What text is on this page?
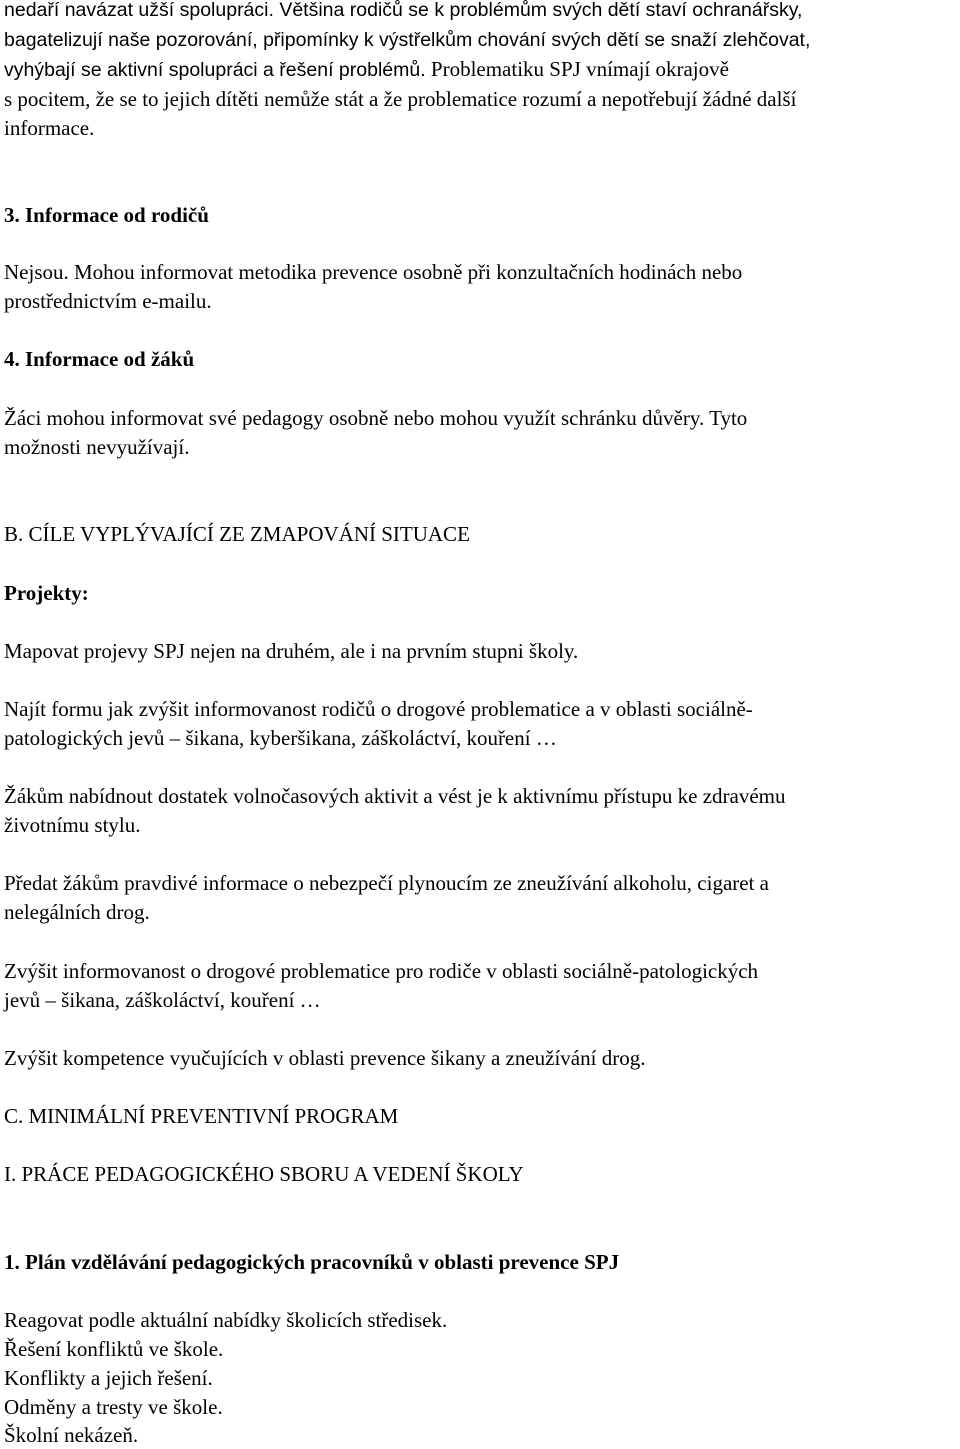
nedaří navázat užší spolupráci. Většina rodičů se k problémům svých dětí staví ochranářsky,
bagatelizují naše pozorování, připomínky k výstřelkům chování svých dětí se snaží zlehčovat,
vyhýbají se aktivní spolupráci a řešení problémů. Problematiku SPJ vnímají okrajově
s pocitem, že se to jejich dítěti nemůže stát a že problematice rozumí a nepotřebují žádné další
informace.
3. Informace od rodičů
Nejsou. Mohou informovat metodika prevence osobně při konzultačních hodinách nebo
prostřednictvím e-mailu.
4. Informace od žáků
Žáci mohou informovat své pedagogy osobně nebo mohou využít schránku důvěry. Tyto
možnosti nevyužívají.
B. CÍLE VYPLÝVAJÍCÍ ZE ZMAPOVÁNÍ SITUACE
Projekty:
Mapovat projevy SPJ nejen na druhém, ale i na prvním stupni školy.
Najít formu jak zvýšit informovanost rodičů o drogové problematice a v oblasti sociálně-
patologických jevů – šikana, kyberšikana, záškoláctví, kouření …
Žákům nabídnout dostatek volnočasových aktivit a vést je k aktivnímu přístupu ke zdravému
životnímu stylu.
Předat žákům pravdivé informace o nebezpečí plynoucím ze zneužívání alkoholu, cigaret a
nelegálních drog.
Zvýšit informovanost o drogové problematice pro rodiče v oblasti sociálně-patologických
jevů – šikana, záškoláctví, kouření …
Zvýšit kompetence vyučujících v oblasti prevence šikany a zneužívání drog.
C. MINIMÁLNÍ PREVENTIVNÍ PROGRAM
I. PRÁCE PEDAGOGICKÉHO SBORU A VEDENÍ ŠKOLY
1. Plán vzdělávání pedagogických pracovníků v oblasti prevence SPJ
Reagovat podle aktuální nabídky školicích středisek.
Řešení konfliktů ve škole.
Konflikty a jejich řešení.
Odměny a tresty ve škole.
Školní nekázeň.
